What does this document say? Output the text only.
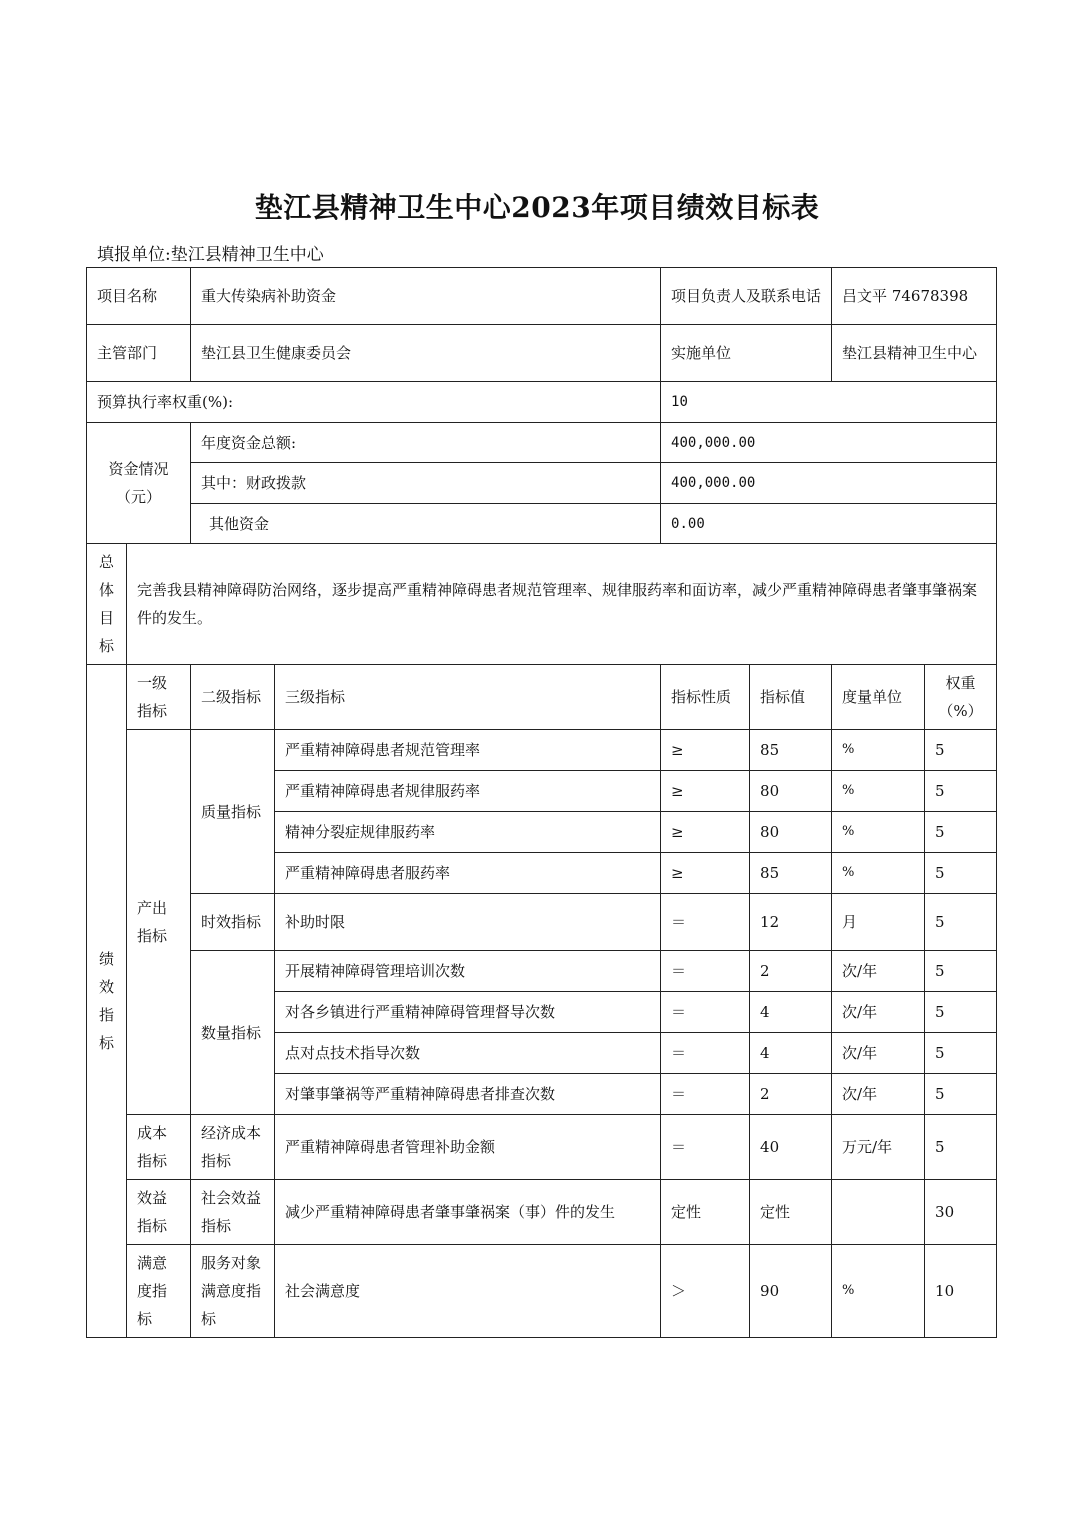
垫江县精神卫生中心2023年项目绩效目标表
填报单位:垫江县精神卫生中心
项目名称		重大传染病补助资金		项目负责人及联系电话		吕文平 74678398	
主管部门		垫江县卫生健康委员会		实施单位		垫江县精神卫生中心	
预算执行率权重(%):				10			
资金情况（元）		年度资金总额:		400,000.00			
		其中：财政拨款		400,000.00			
		其他资金		0.00			
总体目标	完善我县精神障碍防治网络，逐步提高严重精神障碍患者规范管理率、规律服药率和面访率，减少严重精神障碍患者肇事肇祸案件的发生。						
绩效指标	一级指标	二级指标	三级指标	指标性质	指标值	度量单位	权重（%）
	产出指标	质量指标	严重精神障碍患者规范管理率	≥	85	%	5
			严重精神障碍患者规律服药率	≥	80	%	5
			精神分裂症规律服药率	≥	80	%	5
			严重精神障碍患者服药率	≥	85	%	5
		时效指标	补助时限	＝	12	月	5
		数量指标	开展精神障碍管理培训次数	＝	2	次/年	5
			对各乡镇进行严重精神障碍管理督导次数	＝	4	次/年	5
			点对点技术指导次数	＝	4	次/年	5
			对肇事肇祸等严重精神障碍患者排查次数	＝	2	次/年	5
	成本指标	经济成本指标	严重精神障碍患者管理补助金额	＝	40	万元/年	5
	效益指标	社会效益指标	减少严重精神障碍患者肇事肇祸案（事）件的发生	定性	定性		30
	满意度指标	服务对象满意度指标	社会满意度	＞	90	%	10
